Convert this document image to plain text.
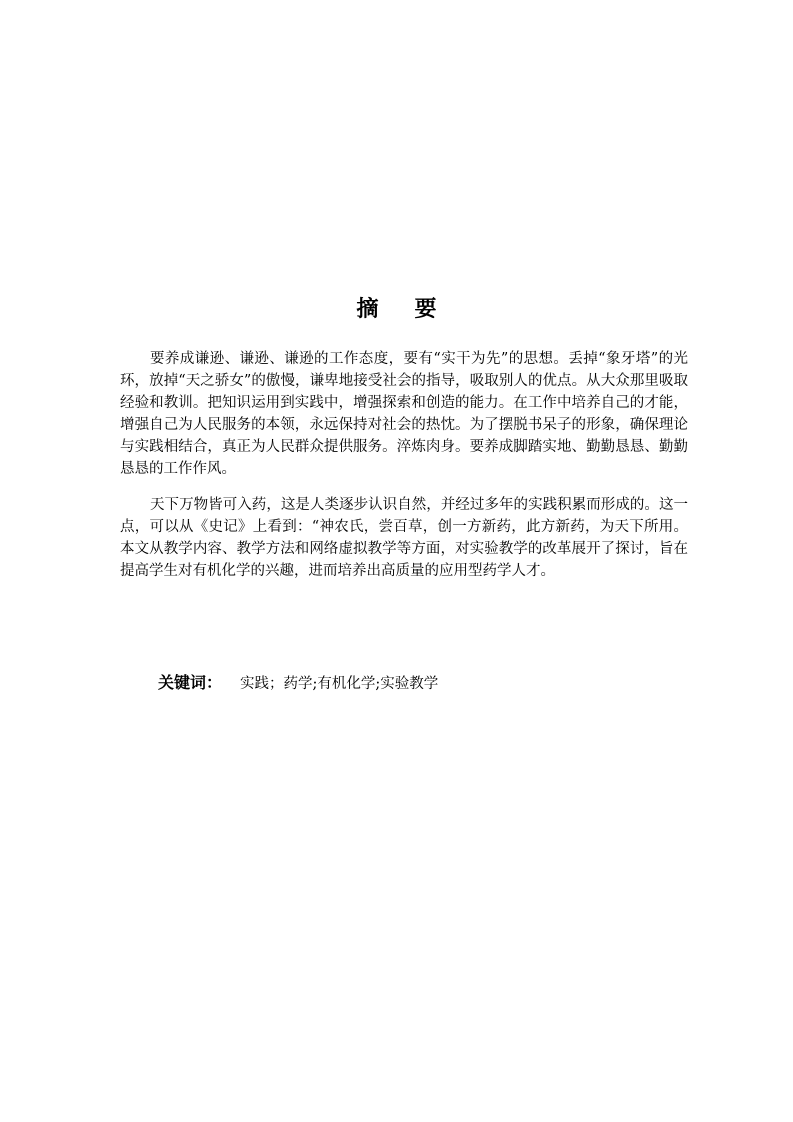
摘要

要养成谦逊、谦逊、谦逊的工作态度，要有“实干为先”的思想。丢掉“象牙塔”的光环，放掉“天之骄女”的傲慢，谦卑地接受社会的指导，吸取别人的优点。从大众那里吸取经验和教训。把知识运用到实践中，增强探索和创造的能力。在工作中培养自己的才能，增强自己为人民服务的本领，永远保持对社会的热忱。为了摆脱书呆子的形象，确保理论与实践相结合，真正为人民群众提供服务。淬炼肉身。要养成脚踏实地、勤勤恳恳、勤勤恳恳的工作作风。

天下万物皆可入药，这是人类逐步认识自然，并经过多年的实践积累而形成的。这一点，可以从《史记》上看到：“神农氏，尝百草，创一方新药，此方新药，为天下所用。本文从教学内容、教学方法和网络虚拟教学等方面，对实验教学的改革展开了探讨，旨在提高学生对有机化学的兴趣，进而培养出高质量的应用型药学人才。

关键词： 实践；药学;有机化学;实验教学
